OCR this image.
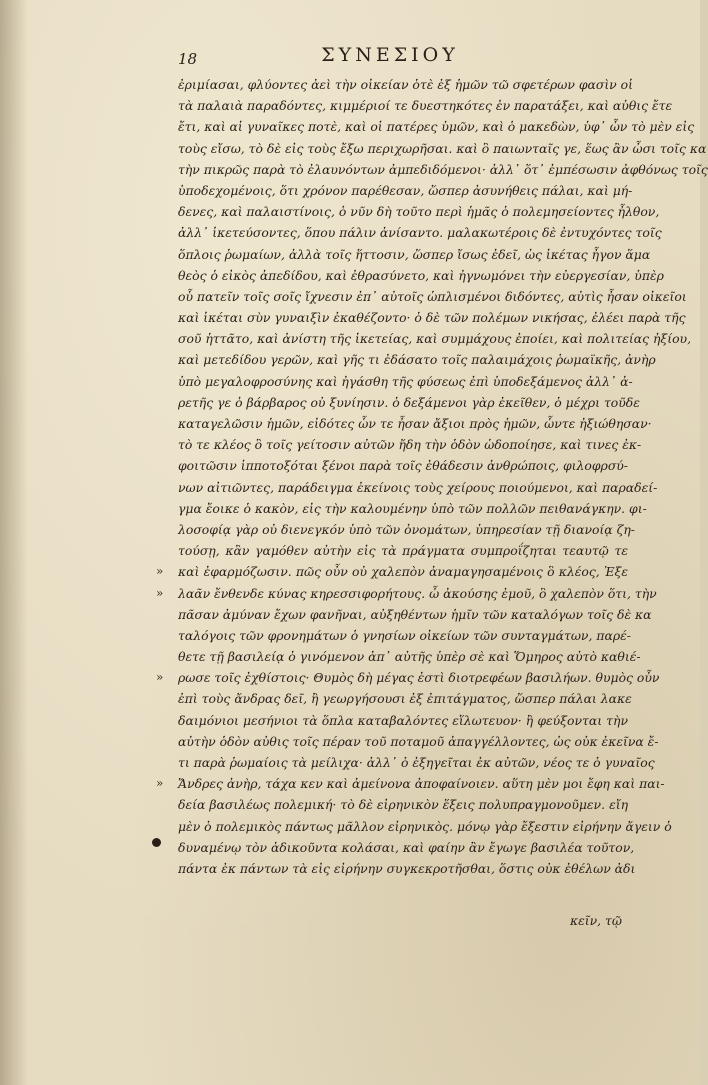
18	ΣΥΝΕΣΙΟΥ
ἐριμίασαι, φλύοντες ἀεὶ τὴν οἰκείαν ὁτὲ ἐξ ἡμῶν τῶ σφετέρων φασὶν οἱ
τὰ παλαιὰ παραδόντες, κιμμέριοί τε δυεστηκότες ἐν παρατάξει, καὶ αὐθις ἔτε
ἔτι, καὶ αἱ γυναῖκες ποτὲ, καὶ οἱ πατέρες ὑμῶν, καὶ ὁ μακεδὼν, ὑφ᾽ ὧν τὸ μὲν εἰς
τοὺς εἴσω, τὸ δὲ εἰς τοὺς ἔξω περιχωρῆσαι. καὶ ὃ παιωνταῖς γε, ἕως ἂν ὦσι τοῖς κα
τὴν πικρῶς παρὰ τὸ ἐλαυνόντων ἀμπεδιδόμενοι· ἀλλ᾽ ὅτ᾽ ἐμπέσωσιν ἀφθόνως τοῖς
ὑποδεχομένοις, ὅτι χρόνον παρέθεσαν, ὥσπερ ἀσυνήθεις πάλαι, καὶ μή-
δενες, καὶ παλαιστίνοις, ὁ νῦν δὴ τοῦτο περὶ ἡμᾶς ὁ πολεμησείοντες ἦλθον,
ἀλλ᾽ ἱκετεύσοντες, ὅπου πάλιν ἀνίσαντο. μαλακωτέροις δὲ ἐντυχόντες τοῖς
ὅπλοις ῥωμαίων, ἀλλὰ τοῖς ἥττοσιν, ὥσπερ ἴσως ἐδεῖ, ὡς ἱκέτας ἦγον ἅμα
θεὸς ὁ εἰκὸς ἀπεδίδου, καὶ ἐθρασύνετο, καὶ ἠγνωμόνει τὴν εὐεργεσίαν, ὑπὲρ
οὗ πατεῖν τοῖς σοῖς ἴχνεσιν ἐπ᾽ αὐτοῖς ὡπλισμένοι διδόντες, αὐτὶς ἦσαν οἰκεῖοι
καὶ ἱκέται σὺν γυναιξὶν ἐκαθέζοντο· ὁ δὲ τῶν πολέμων νικήσας, ἐλέει παρὰ τῆς
σοῦ ἡττᾶτο, καὶ ἀνίστη τῆς ἱκετείας, καὶ συμμάχους ἐποίει, καὶ πολιτείας ἠξίου,
καὶ μετεδίδου γερῶν, καὶ γῆς τι ἐδάσατο τοῖς παλαιμάχοις ῥωμαϊκῆς, ἀνὴρ
ὑπὸ μεγαλοφροσύνης καὶ ἠγάσθη τῆς φύσεως ἐπὶ ὑποδεξάμενος ἀλλ᾽ ἀ-
ρετῆς γε ὁ βάρβαρος οὐ ξυνίησιν. ὁ δεξάμενοι γὰρ ἐκεῖθεν, ὁ μέχρι τοῦδε
καταγελῶσιν ἡμῶν, εἰδότες ὧν τε ἦσαν ἄξιοι πρὸς ἡμῶν, ὧντε ἠξιώθησαν·
τὸ τε κλέος ὃ τοῖς γείτοσιν αὐτῶν ἤδη τὴν ὁδὸν ὡδοποίησε, καὶ τινες ἐκ-
φοιτῶσιν ἱπποτοξόται ξένοι παρὰ τοῖς ἐθάδεσιν ἀνθρώποις, φιλοφρσύ-
νων αἰτιῶντες, παράδειγμα ἐκείνοις τοὺς χείρους ποιούμενοι, καὶ παραδεί-
γμα ἔοικε ὁ κακὸν, εἰς τὴν καλουμένην ὑπὸ τῶν πολλῶν πειθανάγκην. φι-
λοσοφίᾳ γὰρ οὐ διενεγκόν ὑπὸ τῶν ὀνομάτων, ὑπηρεσίαν τῇ διανοίᾳ ζη-
τούσῃ, κἂν γαμόθεν αὐτὴν εἰς τὰ πράγματα συμπροΐζηται τεαυτῷ τε
» καὶ ἐφαρμόζωσιν. πῶς οὖν οὐ χαλεπὸν ἀναμαγησαμένοις ὃ κλέος, Ἐξε
» λαᾶν ἔνθενδε κύνας κηρεσσιφορήτους. ὦ ἀκούσης ἐμοῦ, ὃ χαλεπὸν ὅτι, τὴν
πᾶσαν ἀμύναν ἔχων φανῆναι, αὐξηθέντων ἡμῖν τῶν καταλόγων τοῖς δὲ κα
ταλόγοις τῶν φρονημάτων ὁ γνησίων οἰκείων τῶν συνταγμάτων, παρέ-
θετε τῇ βασιλείᾳ ὁ γινόμενον ἀπ᾽ αὐτῆς ὑπὲρ σὲ καὶ Ὅμηρος αὐτὸ καθιέ-
» ρωσε τοῖς ἐχθίστοις· Θυμὸς δὴ μέγας ἐστὶ διοτρεφέων βασιλήων. θυμὸς οὖν
ἐπὶ τοὺς ἄνδρας δεῖ, ἢ γεωργήσουσι ἐξ ἐπιτάγματος, ὥσπερ πάλαι λακε
δαιμόνιοι μεσήνιοι τὰ ὅπλα καταβαλόντες εἵλωτευον· ἢ φεύξονται τὴν
αὐτὴν ὁδὸν αὐθις τοῖς πέραν τοῦ ποταμοῦ ἀπαγγέλλοντες, ὡς οὐκ ἐκεῖνα ἔ-
τι παρὰ ῥωμαίοις τὰ μείλιχα· ἀλλ᾽ ὁ ἐξηγεῖται ἐκ αὐτῶν, νέος τε ὁ γυναῖος
» Ἄνδρες ἀνὴρ, τάχα κεν καὶ ἀμείνονα ἀποφαίνοιεν. αὕτη μὲν μοι ἔφη καὶ παι-
δεία βασιλέως πολεμική· τὸ δὲ εἰρηνικὸν ἕξεις πολυπραγμονοῦμεν. εἴη
μὲν ὁ πολεμικὸς πάντως μᾶλλον εἰρηνικὸς. μόνῳ γὰρ ἔξεστιν εἰρήνην ἄγειν ὁ
δυναμένῳ τὸν ἀδικοῦντα κολάσαι, καὶ φαίην ἂν ἔγωγε βασιλέα τοῦτον,
πάντα ἐκ πάντων τὰ εἰς εἰρήνην συγκεκροτῆσθαι, ὅστις οὐκ ἐθέλων ἀδι
κεῖν, τῷ
